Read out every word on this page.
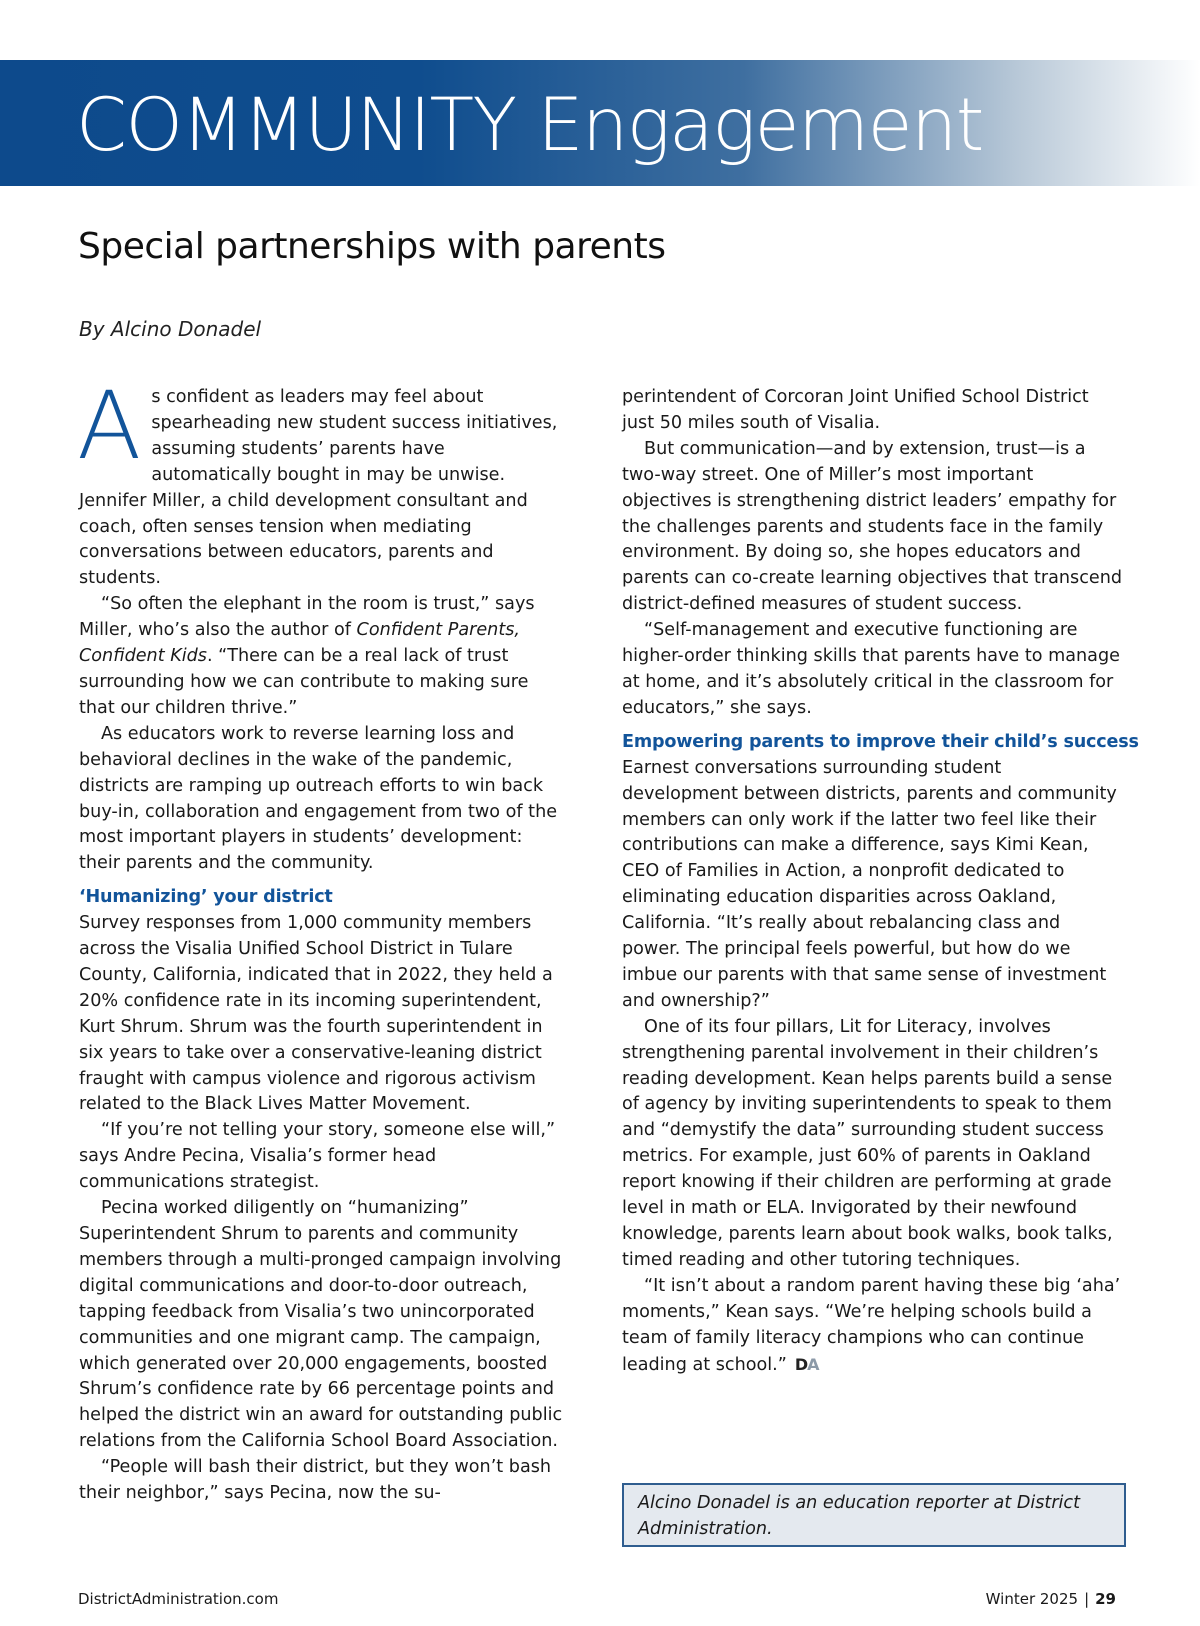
COMMUNITY Engagement
Special partnerships with parents
By Alcino Donadel

As confident as leaders may feel about spearheading new student success initiatives, assuming students’ parents have automatically bought in may be unwise. Jennifer Miller, a child development consultant and coach, often senses tension when mediating conversations between educators, parents and students.

“So often the elephant in the room is trust,” says Miller, who’s also the author of Confident Parents, Confident Kids. “There can be a real lack of trust surrounding how we can contribute to making sure that our children thrive.”

As educators work to reverse learning loss and behavioral declines in the wake of the pandemic, districts are ramping up outreach efforts to win back buy-in, collaboration and engagement from two of the most important players in students’ development: their parents and the community.

‘Humanizing’ your district

Survey responses from 1,000 community members across the Visalia Unified School District in Tulare County, California, indicated that in 2022, they held a 20% confidence rate in its incoming superintendent, Kurt Shrum. Shrum was the fourth superintendent in six years to take over a conservative-leaning district fraught with campus violence and rigorous activism related to the Black Lives Matter Movement.

“If you’re not telling your story, someone else will,” says Andre Pecina, Visalia’s former head communications strategist.

Pecina worked diligently on “humanizing” Superintendent Shrum to parents and community members through a multi-pronged campaign involving digital communications and door-to-door outreach, tapping feedback from Visalia’s two unincorporated communities and one migrant camp. The campaign, which generated over 20,000 engagements, boosted Shrum’s confidence rate by 66 percentage points and helped the district win an award for outstanding public relations from the California School Board Association.

“People will bash their district, but they won’t bash their neighbor,” says Pecina, now the su-

perintendent of Corcoran Joint Unified School District just 50 miles south of Visalia.

But communication—and by extension, trust—is a two-way street. One of Miller’s most important objectives is strengthening district leaders’ empathy for the challenges parents and students face in the family environment. By doing so, she hopes educators and parents can co-create learning objectives that transcend district-defined measures of student success.

“Self-management and executive functioning are higher-order thinking skills that parents have to manage at home, and it’s absolutely critical in the classroom for educators,” she says.

Empowering parents to improve their child’s success

Earnest conversations surrounding student development between districts, parents and community members can only work if the latter two feel like their contributions can make a difference, says Kimi Kean, CEO of Families in Action, a nonprofit dedicated to eliminating education disparities across Oakland, California. “It’s really about rebalancing class and power. The principal feels powerful, but how do we imbue our parents with that same sense of investment and ownership?”

One of its four pillars, Lit for Literacy, involves strengthening parental involvement in their children’s reading development. Kean helps parents build a sense of agency by inviting superintendents to speak to them and “demystify the data” surrounding student success metrics. For example, just 60% of parents in Oakland report knowing if their children are performing at grade level in math or ELA. Invigorated by their newfound knowledge, parents learn about book walks, book talks, timed reading and other tutoring techniques.

“It isn’t about a random parent having these big ‘aha’ moments,” Kean says. “We’re helping schools build a team of family literacy champions who can continue leading at school.” DA

Alcino Donadel is an education reporter at District Administration.
DistrictAdministration.com	Winter 2025 | 29
